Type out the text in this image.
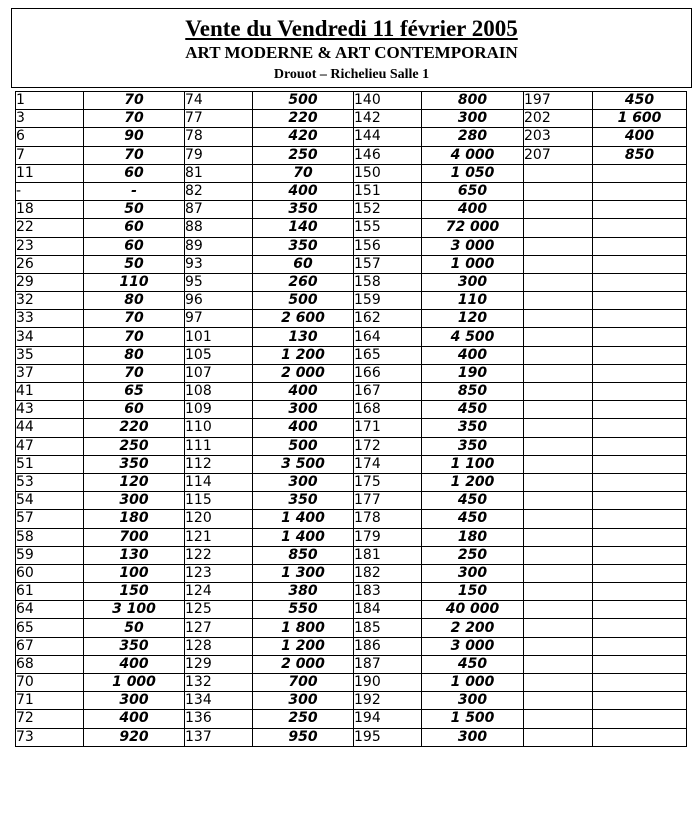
Vente du Vendredi 11 février 2005
ART MODERNE & ART CONTEMPORAIN
Drouot – Richelieu Salle 1
1	70	74	500	140	800	197	450
3	70	77	220	142	300	202	1 600
6	90	78	420	144	280	203	400
7	70	79	250	146	4 000	207	850
11	60	81	70	150	1 050		
-	-	82	400	151	650		
18	50	87	350	152	400		
22	60	88	140	155	72 000		
23	60	89	350	156	3 000		
26	50	93	60	157	1 000		
29	110	95	260	158	300		
32	80	96	500	159	110		
33	70	97	2 600	162	120		
34	70	101	130	164	4 500		
35	80	105	1 200	165	400		
37	70	107	2 000	166	190		
41	65	108	400	167	850		
43	60	109	300	168	450		
44	220	110	400	171	350		
47	250	111	500	172	350		
51	350	112	3 500	174	1 100		
53	120	114	300	175	1 200		
54	300	115	350	177	450		
57	180	120	1 400	178	450		
58	700	121	1 400	179	180		
59	130	122	850	181	250		
60	100	123	1 300	182	300		
61	150	124	380	183	150		
64	3 100	125	550	184	40 000		
65	50	127	1 800	185	2 200		
67	350	128	1 200	186	3 000		
68	400	129	2 000	187	450		
70	1 000	132	700	190	1 000		
71	300	134	300	192	300		
72	400	136	250	194	1 500		
73	920	137	950	195	300		
